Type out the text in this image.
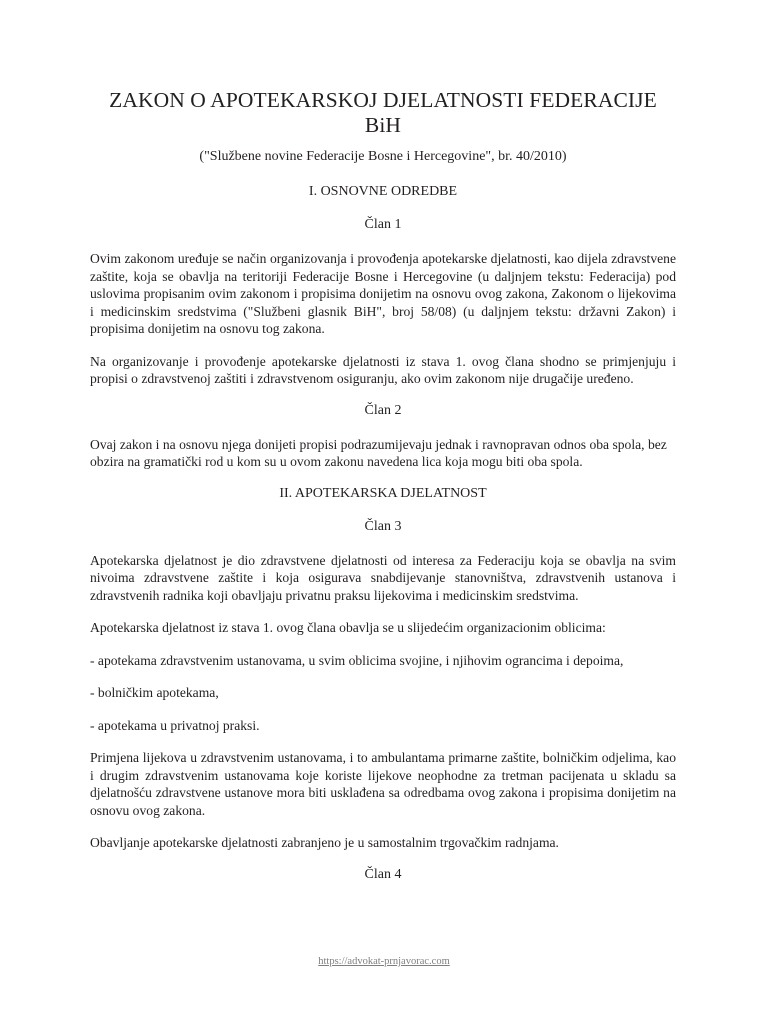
ZAKON O APOTEKARSKOJ DJELATNOSTI FEDERACIJE BiH
("Službene novine Federacije Bosne i Hercegovine", br. 40/2010)
I. OSNOVNE ODREDBE
Član 1

Ovim zakonom uređuje se način organizovanja i provođenja apotekarske djelatnosti, kao dijela zdravstvene zaštite, koja se obavlja na teritoriji Federacije Bosne i Hercegovine (u daljnjem tekstu: Federacija) pod uslovima propisanim ovim zakonom i propisima donijetim na osnovu ovog zakona, Zakonom o lijekovima i medicinskim sredstvima ("Službeni glasnik BiH", broj 58/08) (u daljnjem tekstu: državni Zakon) i propisima donijetim na osnovu tog zakona.

Na organizovanje i provođenje apotekarske djelatnosti iz stava 1. ovog člana shodno se primjenjuju i propisi o zdravstvenoj zaštiti i zdravstvenom osiguranju, ako ovim zakonom nije drugačije uređeno.

Član 2

Ovaj zakon i na osnovu njega donijeti propisi podrazumijevaju jednak i ravnopravan odnos oba spola, bez obzira na gramatički rod u kom su u ovom zakonu navedena lica koja mogu biti oba spola.

II. APOTEKARSKA DJELATNOST
Član 3

Apotekarska djelatnost je dio zdravstvene djelatnosti od interesa za Federaciju koja se obavlja na svim nivoima zdravstvene zaštite i koja osigurava snabdijevanje stanovništva, zdravstvenih ustanova i zdravstvenih radnika koji obavljaju privatnu praksu lijekovima i medicinskim sredstvima.

Apotekarska djelatnost iz stava 1. ovog člana obavlja se u slijedećim organizacionim oblicima:

- apotekama zdravstvenim ustanovama, u svim oblicima svojine, i njihovim ograncima i depoima,

- bolničkim apotekama,

- apotekama u privatnoj praksi.

Primjena lijekova u zdravstvenim ustanovama, i to ambulantama primarne zaštite, bolničkim odjelima, kao i drugim zdravstvenim ustanovama koje koriste lijekove neophodne za tretman pacijenata u skladu sa djelatnošću zdravstvene ustanove mora biti usklađena sa odredbama ovog zakona i propisima donijetim na osnovu ovog zakona.

Obavljanje apotekarske djelatnosti zabranjeno je u samostalnim trgovačkim radnjama.

Član 4
https://advokat-prnjavorac.com
